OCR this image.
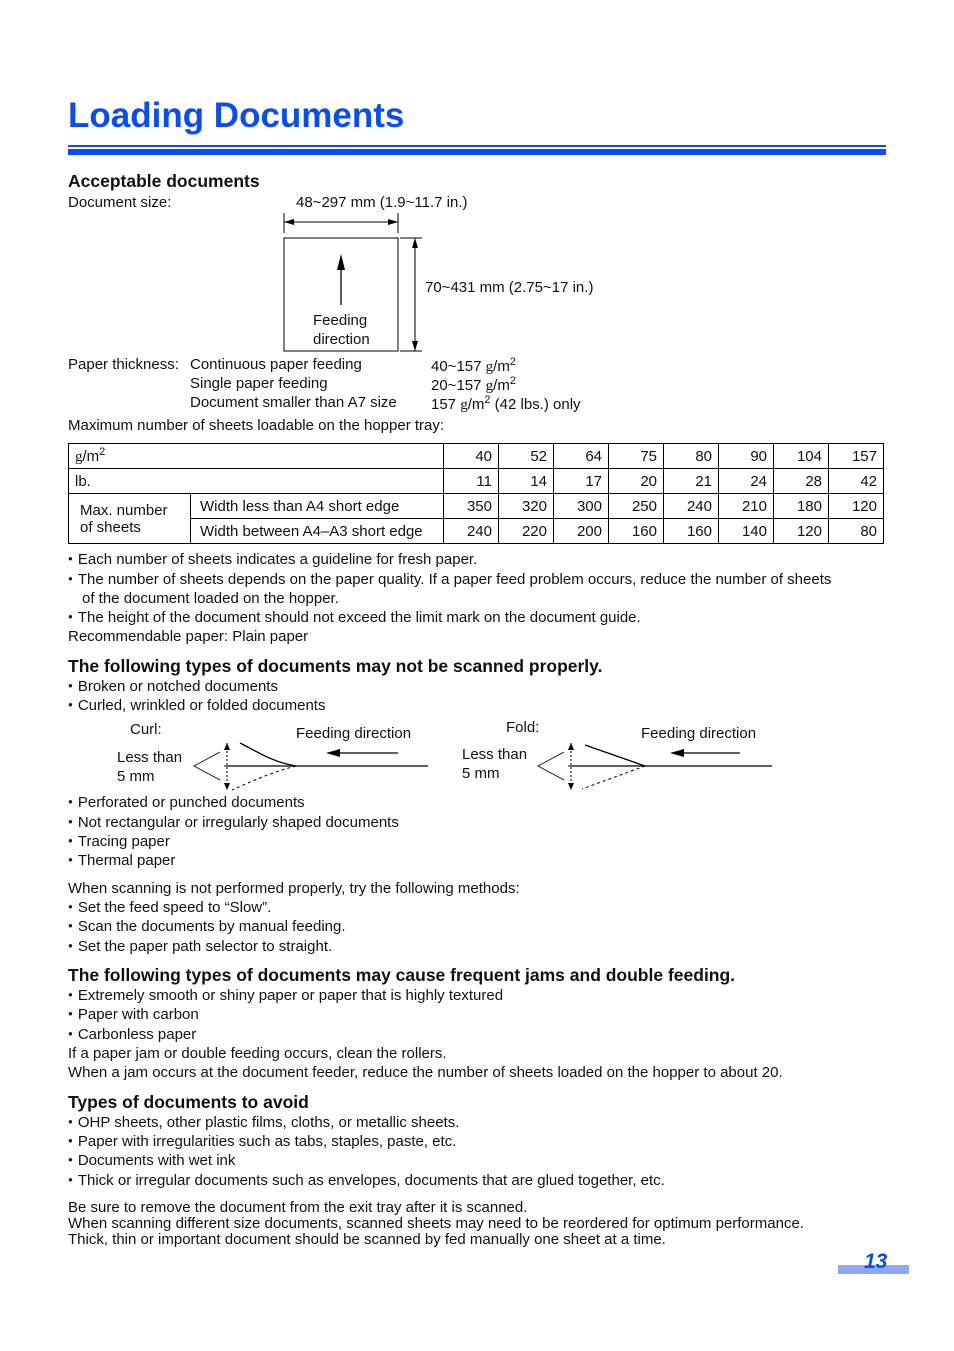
Loading Documents
Acceptable documents
Document size:	48~297 mm (1.9~11.7 in.)
70~431 mm (2.75~17 in.)
Feeding
direction
Paper thickness: Continuous paper feeding	40~157 $g/m^2$
Single paper feeding	20~157 $g/m^2$
Document smaller than A7 size 157 $g/m^2$ (42 lbs.) only
Maximum number of sheets loadable on the hopper tray:
$g/m^2$		40	52	64	75	80	90	104	157
lb.		11	14	17	20	21	24	28	42

Max. number
of sheets	Width less than A4 short edge	350	320	300	250	240	210	180	120
	Width between A4–A3 short edge	240	220	200	160	160	140	120	80
● Each number of sheets indicates a guideline for fresh paper.
● The number of sheets depends on the paper quality. If a paper feed problem occurs, reduce the number of sheets
of the document loaded on the hopper.
● The height of the document should not exceed the limit mark on the document guide.
Recommendable paper: Plain paper
The following types of documents may not be scanned properly.
● Broken or notched documents
● Curled, wrinkled or folded documents
Curl:	Feeding direction
Less than
5 mm
Fold:	Feeding direction
Less than
5 mm
● Perforated or punched documents
● Not rectangular or irregularly shaped documents
● Tracing paper
● Thermal paper
When scanning is not performed properly, try the following methods:
● Set the feed speed to “Slow”.
● Scan the documents by manual feeding.
● Set the paper path selector to straight.
The following types of documents may cause frequent jams and double feeding.
● Extremely smooth or shiny paper or paper that is highly textured
● Paper with carbon
● Carbonless paper
If a paper jam or double feeding occurs, clean the rollers.
When a jam occurs at the document feeder, reduce the number of sheets loaded on the hopper to about 20.
Types of documents to avoid
● OHP sheets, other plastic films, cloths, or metallic sheets.
● Paper with irregularities such as tabs, staples, paste, etc.
● Documents with wet ink
● Thick or irregular documents such as envelopes, documents that are glued together, etc.
Be sure to remove the document from the exit tray after it is scanned.
When scanning different size documents, scanned sheets may need to be reordered for optimum performance.
Thick, thin or important document should be scanned by fed manually one sheet at a time.
13
